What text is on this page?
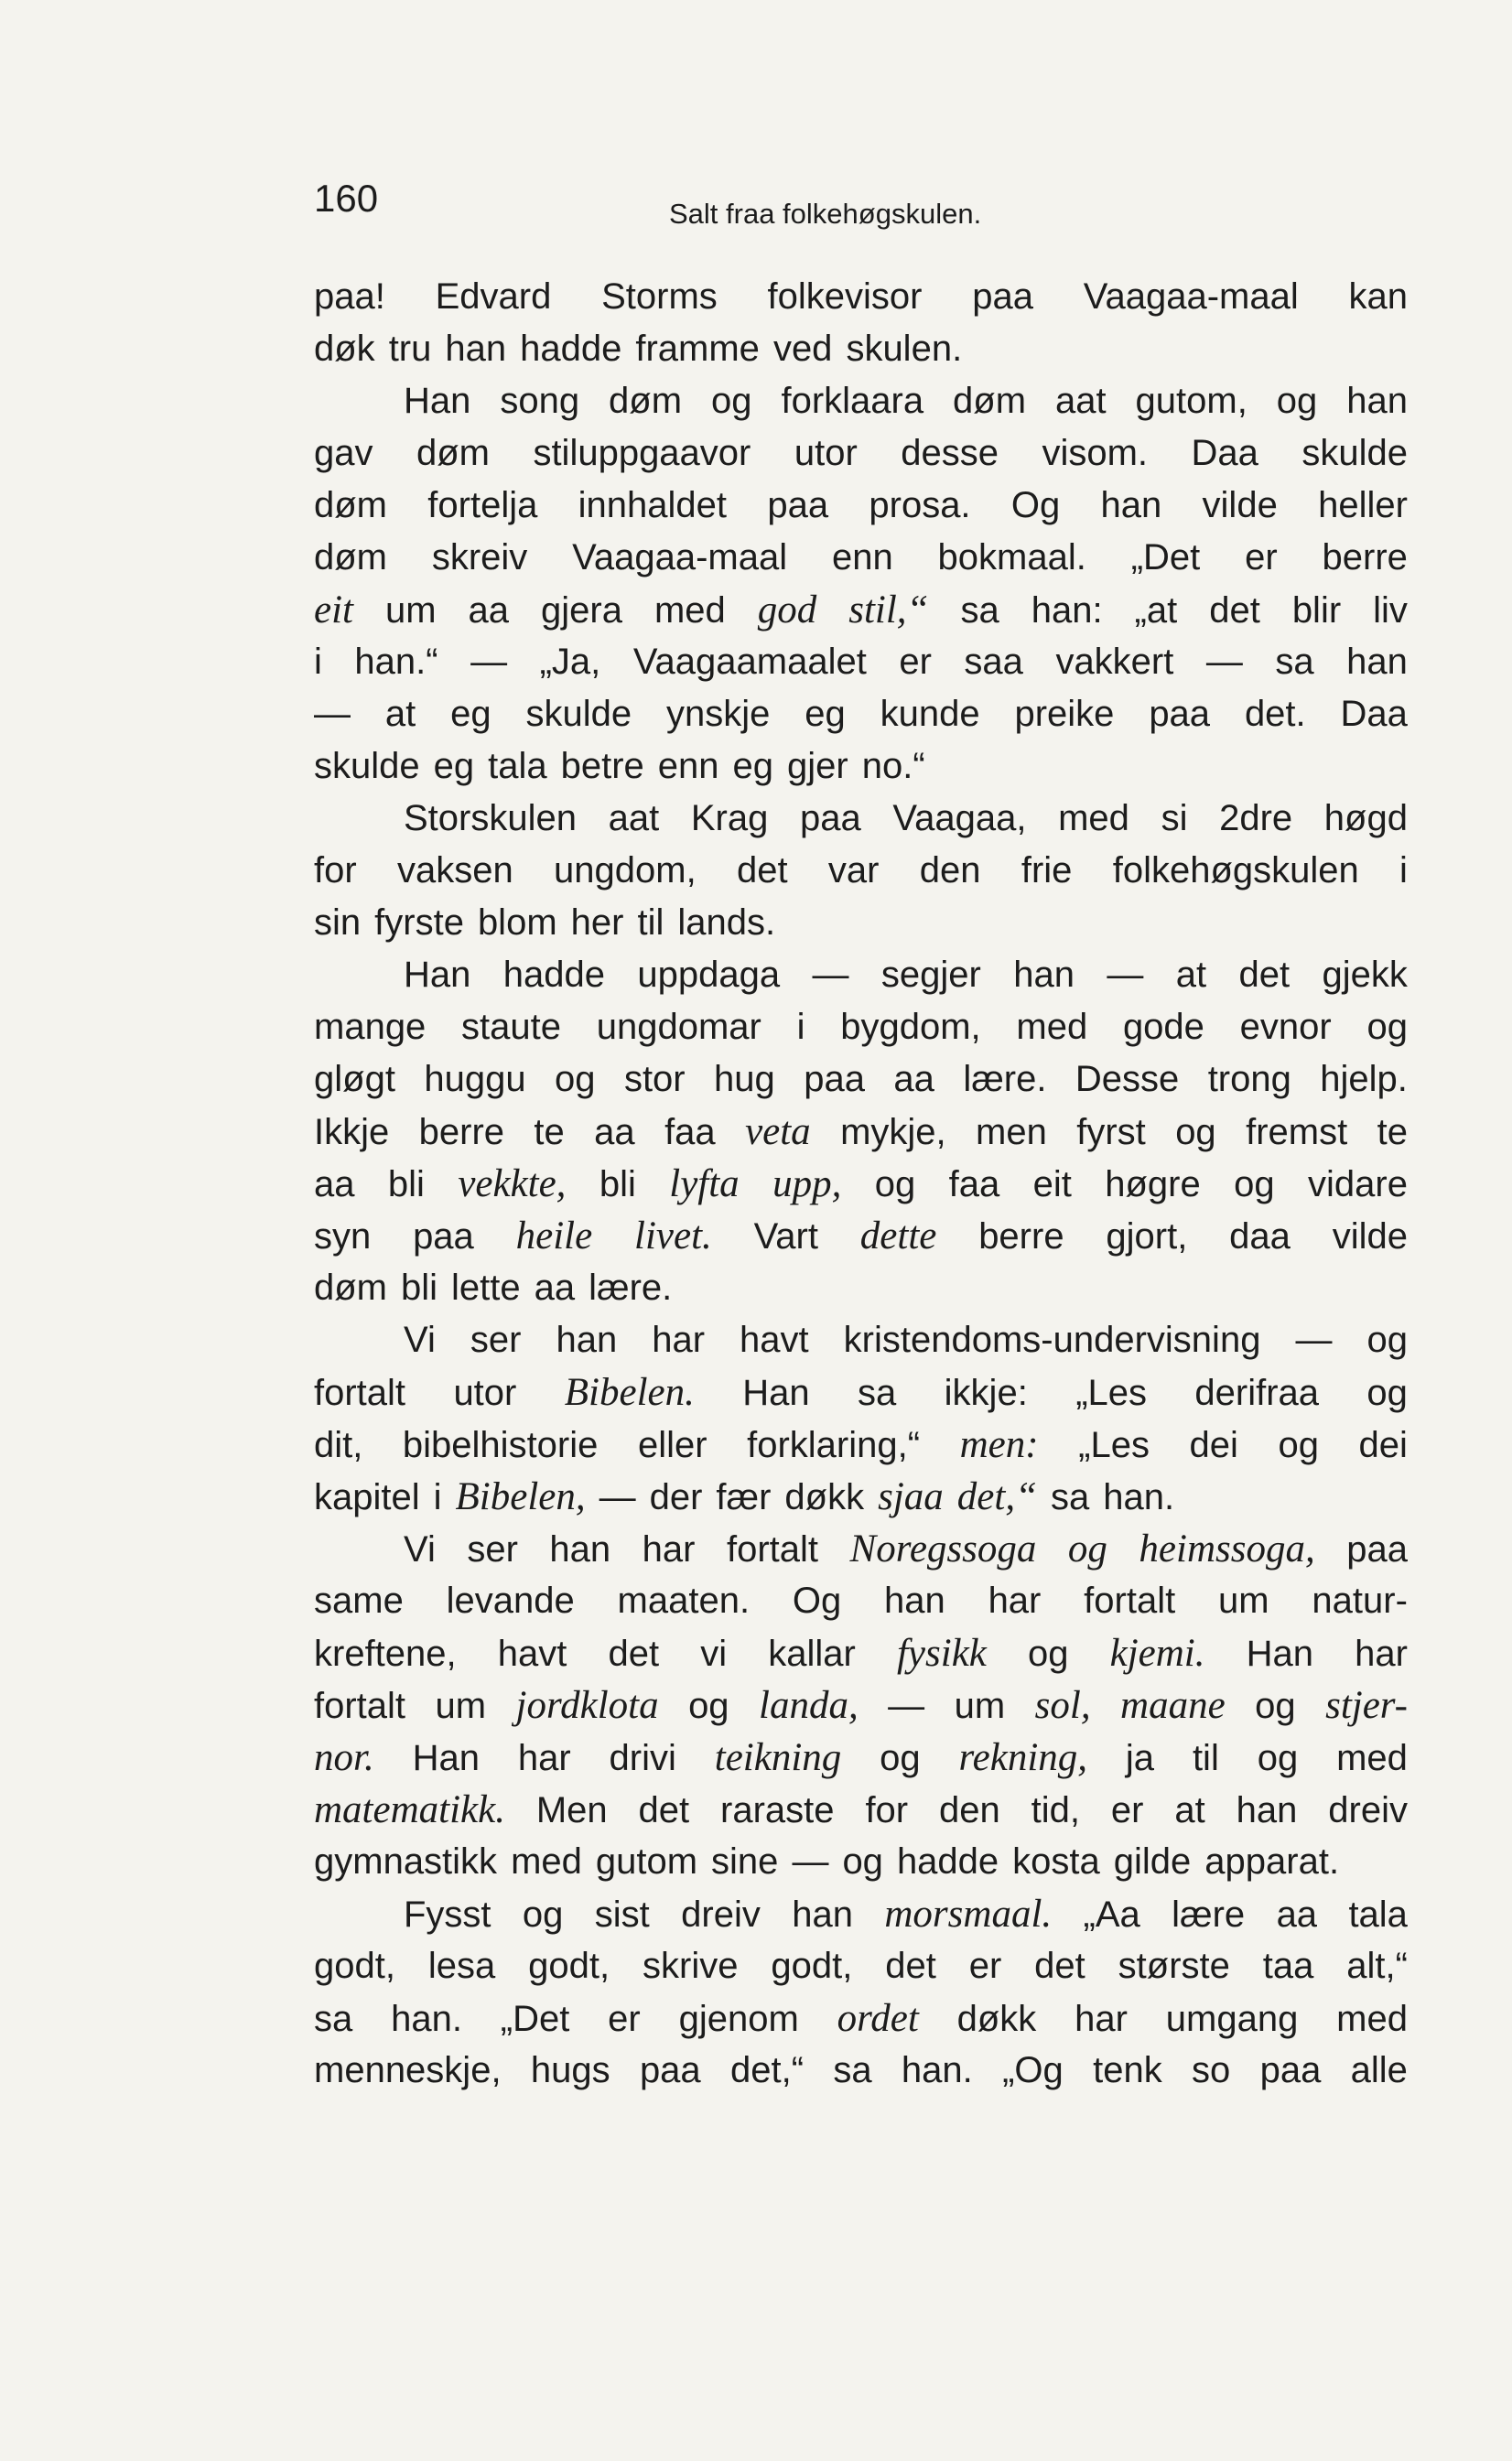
160	Salt fraa folkehøgskulen.
paa! Edvard Storms folkevisor paa Vaagaa-maal kan
døk tru han hadde framme ved skulen.
Han song døm og forklaara døm aat gutom, og han
gav døm stiluppgaavor utor desse visom. Daa skulde
døm fortelja innhaldet paa prosa. Og han vilde heller
døm skreiv Vaagaa-maal enn bokmaal. „Det er berre
eit um aa gjera med god stil,“ sa han: „at det blir liv
i han.“ — „Ja, Vaagaamaalet er saa vakkert — sa han
— at eg skulde ynskje eg kunde preike paa det. Daa
skulde eg tala betre enn eg gjer no.“
Storskulen aat Krag paa Vaagaa, med si 2dre høgd
for vaksen ungdom, det var den frie folkehøgskulen i
sin fyrste blom her til lands.
Han hadde uppdaga — segjer han — at det gjekk
mange staute ungdomar i bygdom, med gode evnor og
gløgt huggu og stor hug paa aa lære. Desse trong hjelp.
Ikkje berre te aa faa veta mykje, men fyrst og fremst te
aa bli vekkte, bli lyfta upp, og faa eit høgre og vidare
syn paa heile livet. Vart dette berre gjort, daa vilde
døm bli lette aa lære.
Vi ser han har havt kristendoms-undervisning — og
fortalt utor Bibelen. Han sa ikkje: „Les derifraa og
dit, bibelhistorie eller forklaring,“ men: „Les dei og dei
kapitel i Bibelen, — der fær døkk sjaa det,“ sa han.
Vi ser han har fortalt Noregssoga og heimssoga, paa
same levande maaten. Og han har fortalt um natur-
kreftene, havt det vi kallar fysikk og kjemi. Han har
fortalt um jordklota og landa, — um sol, maane og stjer-
nor. Han har drivi teikning og rekning, ja til og med
matematikk. Men det raraste for den tid, er at han dreiv
gymnastikk med gutom sine — og hadde kosta gilde apparat.
Fysst og sist dreiv han morsmaal. „Aa lære aa tala
godt, lesa godt, skrive godt, det er det største taa alt,“
sa han. „Det er gjenom ordet døkk har umgang med
menneskje, hugs paa det,“ sa han. „Og tenk so paa alle
